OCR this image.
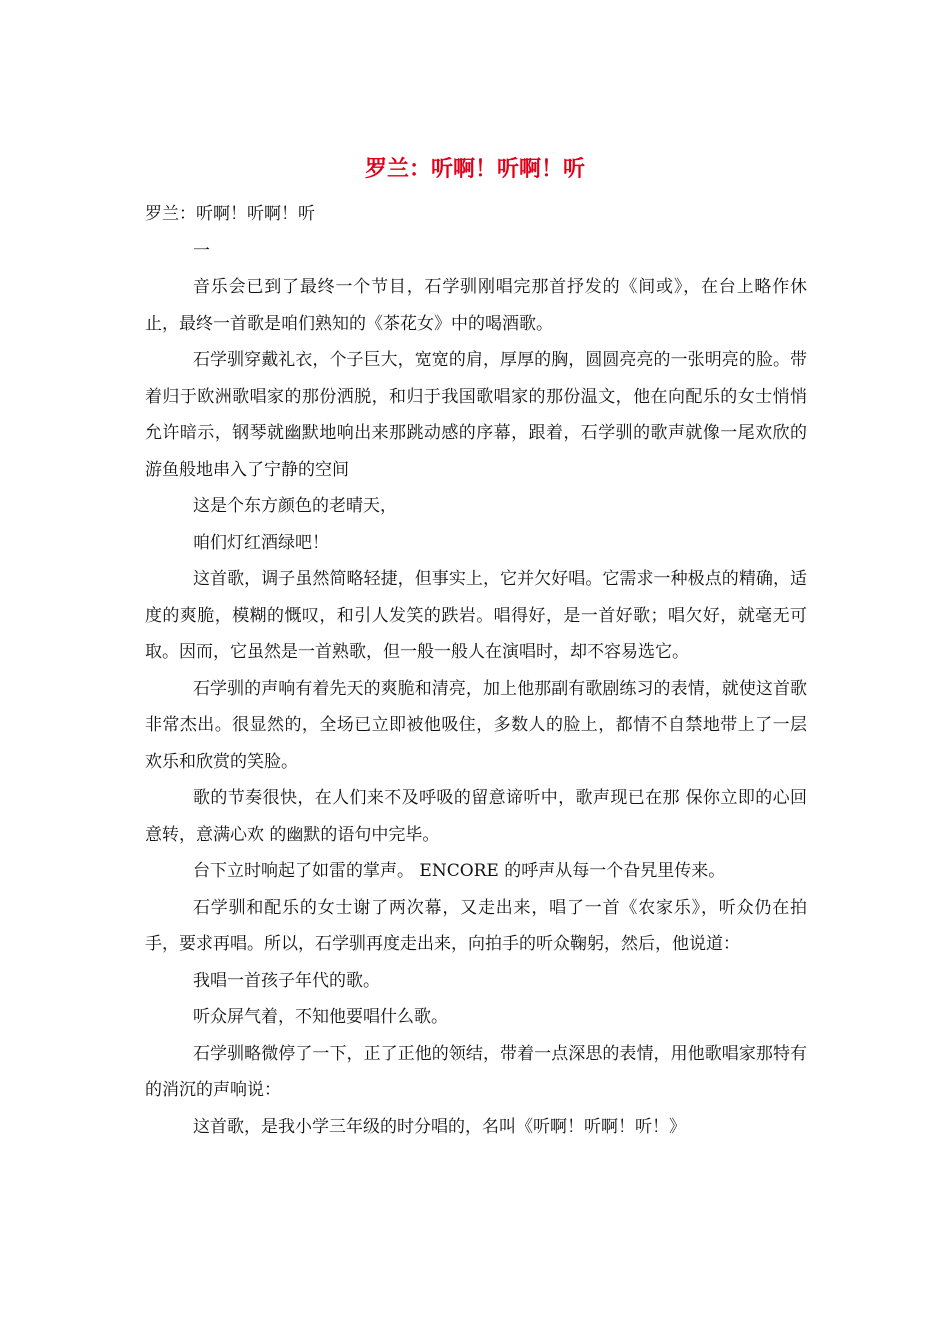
罗兰：听啊！听啊！听

罗兰：听啊！听啊！听

一

音乐会已到了最终一个节目，石学驯刚唱完那首抒发的《间或》，在台上略作休止，最终一首歌是咱们熟知的《茶花女》中的喝酒歌。

石学驯穿戴礼衣，个子巨大，宽宽的肩，厚厚的胸，圆圆亮亮的一张明亮的脸。带着归于欧洲歌唱家的那份洒脱，和归于我国歌唱家的那份温文，他在向配乐的女士悄悄允许暗示，钢琴就幽默地响出来那跳动感的序幕，跟着，石学驯的歌声就像一尾欢欣的游鱼般地串入了宁静的空间

这是个东方颜色的老晴天，

咱们灯红酒绿吧！

这首歌，调子虽然简略轻捷，但事实上，它并欠好唱。它需求一种极点的精确，适度的爽脆，模糊的慨叹，和引人发笑的跌岩。唱得好，是一首好歌；唱欠好，就毫无可取。因而，它虽然是一首熟歌，但一般一般人在演唱时，却不容易选它。

石学驯的声响有着先天的爽脆和清亮，加上他那副有歌剧练习的表情，就使这首歌非常杰出。很显然的，全场已立即被他吸住，多数人的脸上，都情不自禁地带上了一层欢乐和欣赏的笑脸。

歌的节奏很快，在人们来不及呼吸的留意谛听中，歌声现已在那 保你立即的心回意转，意满心欢 的幽默的语句中完毕。

台下立时响起了如雷的掌声。 ENCORE 的呼声从每一个旮旯里传来。

石学驯和配乐的女士谢了两次幕，又走出来，唱了一首《农家乐》，听众仍在拍手，要求再唱。所以，石学驯再度走出来，向拍手的听众鞠躬，然后，他说道：

我唱一首孩子年代的歌。

听众屏气着，不知他要唱什么歌。

石学驯略微停了一下，正了正他的领结，带着一点深思的表情，用他歌唱家那特有的消沉的声响说：

这首歌，是我小学三年级的时分唱的，名叫《听啊！听啊！听！》
